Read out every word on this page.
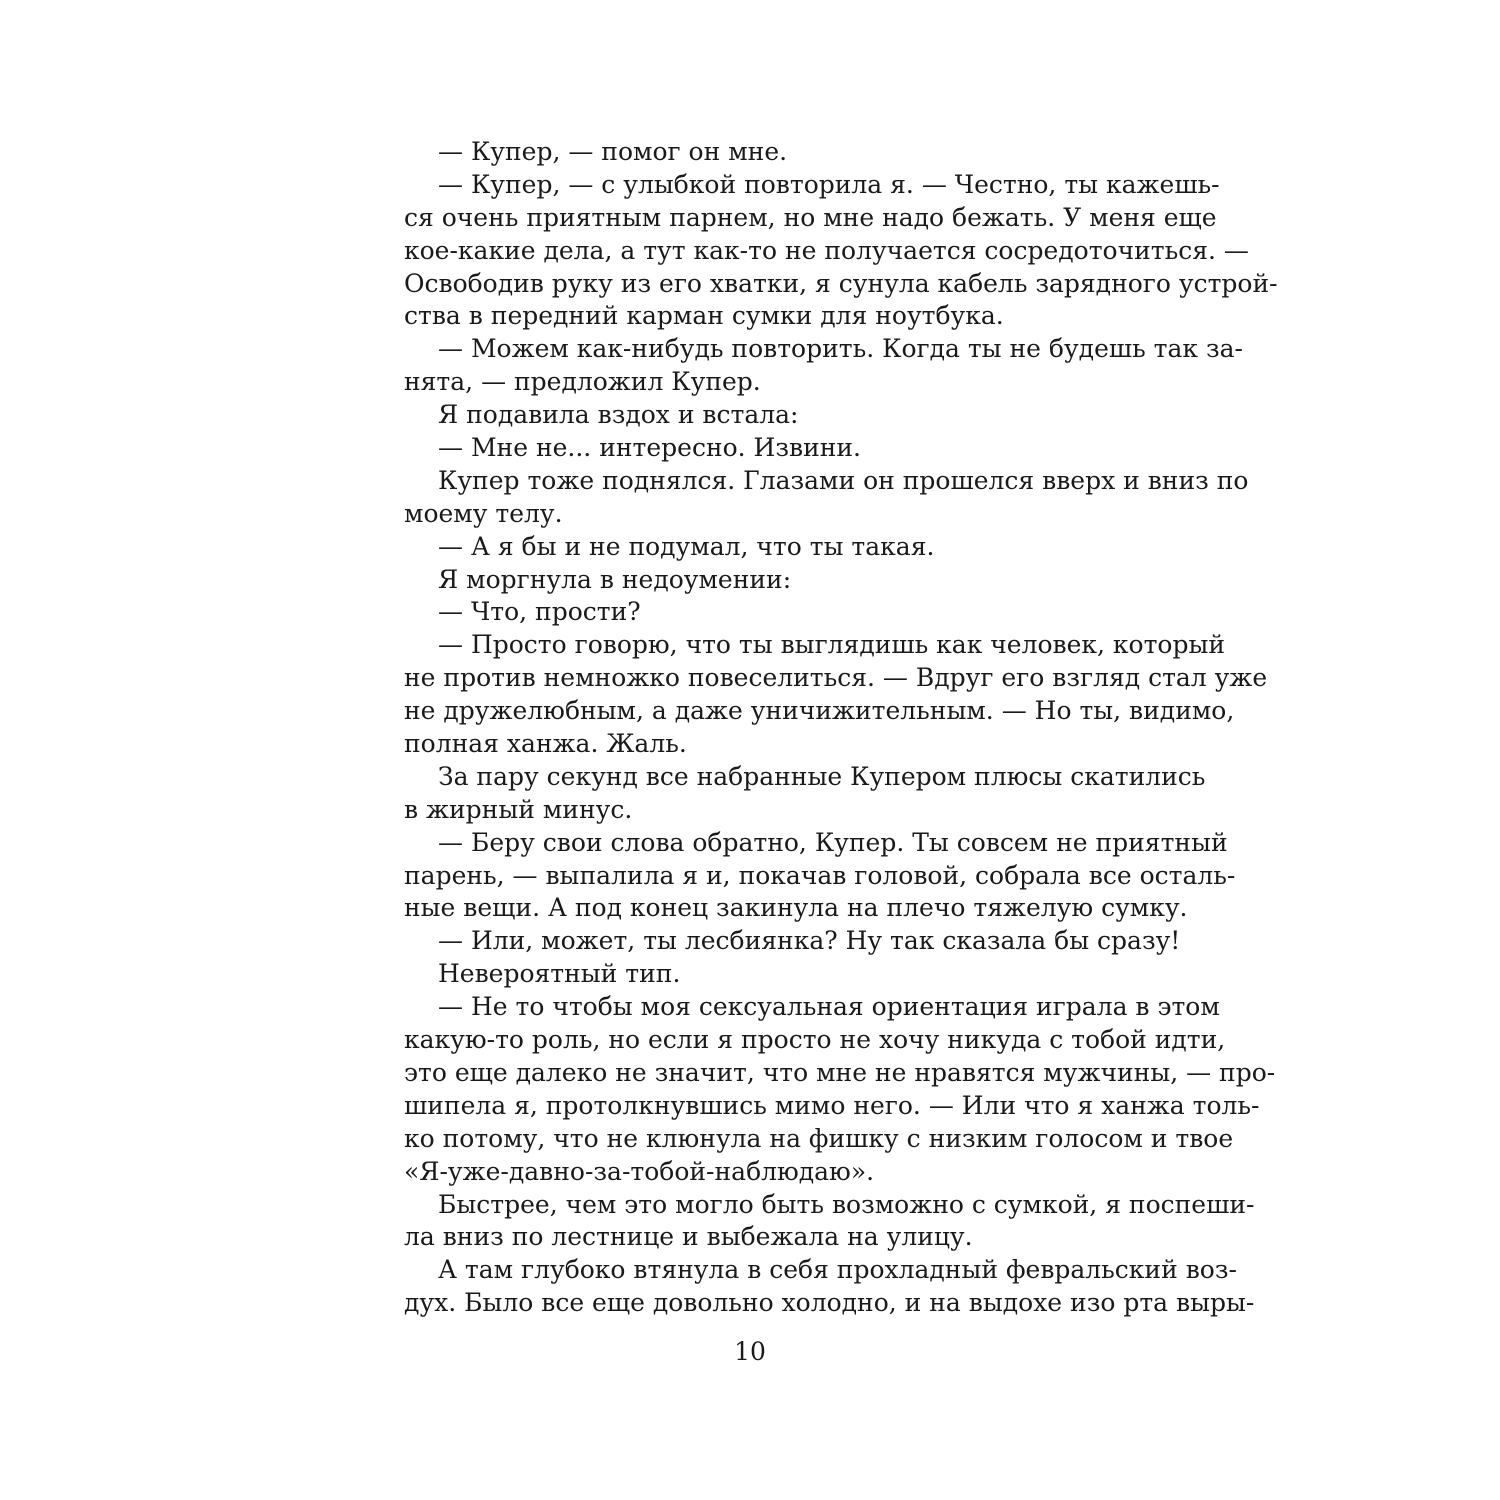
— Купер, — помог он мне.
— Купер, — с улыбкой повторила я. — Честно, ты кажешь-
ся очень приятным парнем, но мне надо бежать. У меня еще
кое-какие дела, а тут как-то не получается сосредоточиться. —
Освободив руку из его хватки, я сунула кабель зарядного устрой-
ства в передний карман сумки для ноутбука.
— Можем как-нибудь повторить. Когда ты не будешь так за-
нята, — предложил Купер.
Я подавила вздох и встала:
— Мне не... интересно. Извини.
Купер тоже поднялся. Глазами он прошелся вверх и вниз по
моему телу.
— А я бы и не подумал, что ты такая.
Я моргнула в недоумении:
— Что, прости?
— Просто говорю, что ты выглядишь как человек, который
не против немножко повеселиться. — Вдруг его взгляд стал уже
не дружелюбным, а даже уничижительным. — Но ты, видимо,
полная ханжа. Жаль.
За пару секунд все набранные Купером плюсы скатились
в жирный минус.
— Беру свои слова обратно, Купер. Ты совсем не приятный
парень, — выпалила я и, покачав головой, собрала все осталь-
ные вещи. А под конец закинула на плечо тяжелую сумку.
— Или, может, ты лесбиянка? Ну так сказала бы сразу!
Невероятный тип.
— Не то чтобы моя сексуальная ориентация играла в этом
какую-то роль, но если я просто не хочу никуда с тобой идти,
это еще далеко не значит, что мне не нравятся мужчины, — про-
шипела я, протолкнувшись мимо него. — Или что я ханжа толь-
ко потому, что не клюнула на фишку с низким голосом и твое
«Я-уже-давно-за-тобой-наблюдаю».
Быстрее, чем это могло быть возможно с сумкой, я поспеши-
ла вниз по лестнице и выбежала на улицу.
А там глубоко втянула в себя прохладный февральский воз-
дух. Было все еще довольно холодно, и на выдохе изо рта выры-
10
